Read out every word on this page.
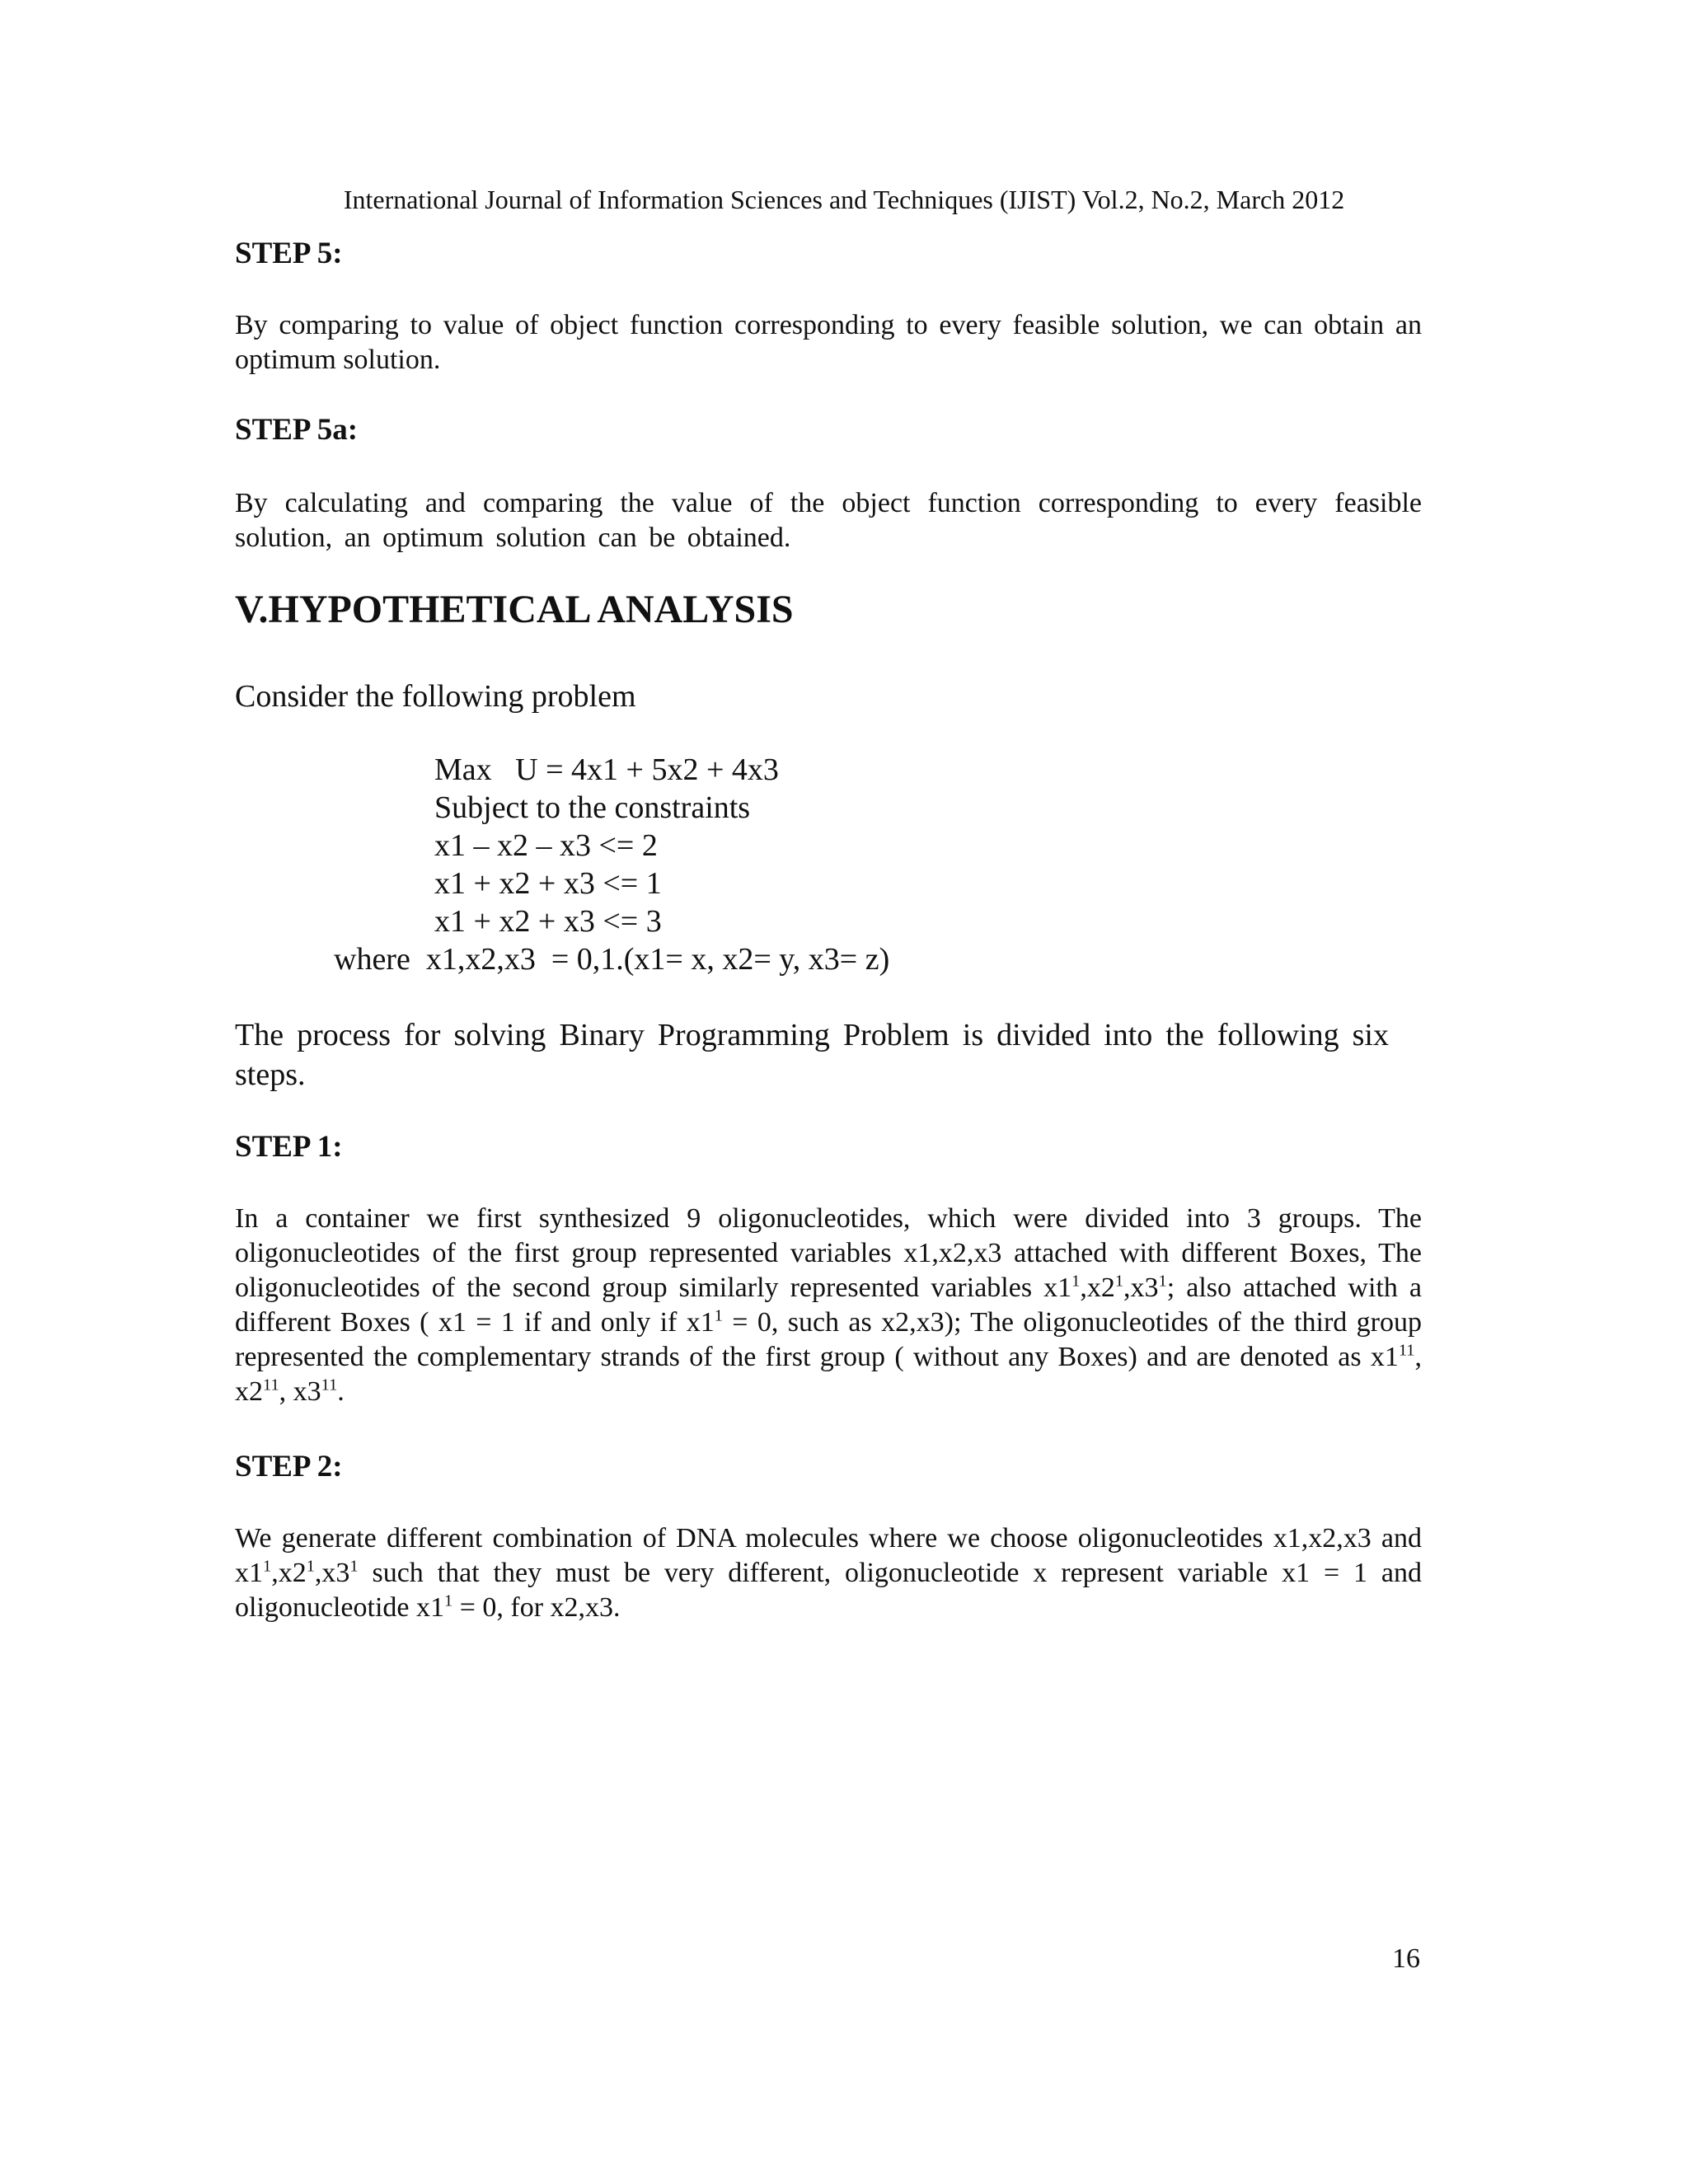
International Journal of Information Sciences and Techniques (IJIST) Vol.2, No.2, March 2012
STEP 5:

By comparing to value of object function corresponding to every feasible solution, we can obtain an optimum solution.

STEP 5a:

By calculating and comparing the value of the object function corresponding to every feasible solution, an optimum solution can be obtained.

V.HYPOTHETICAL ANALYSIS

Consider the following problem

Max   U = 4x1 + 5x2 + 4x3
Subject to the constraints
x1 – x2 – x3 <= 2
x1 + x2 + x3 <= 1
x1 + x2 + x3 <= 3
where  x1,x2,x3  = 0,1.(x1= x, x2= y, x3= z)

The process for solving Binary Programming Problem is divided into the following six steps.

STEP 1:

In a container we first synthesized 9 oligonucleotides, which were divided into 3 groups. The oligonucleotides of the first group represented variables x1,x2,x3 attached with different Boxes, The oligonucleotides of the second group similarly represented variables $x1^1,x2^1,x3^1$; also attached with a different Boxes ( x1 = 1 if and only if $x1^1 = 0$, such as x2,x3); The oligonucleotides of the third group represented the complementary strands of the first group ( without any Boxes) and are denoted as $x1^{11}$, $x2^{11}$, $x3^{11}$.

STEP 2:

We generate different combination of DNA molecules where we choose oligonucleotides x1,x2,x3 and $x1^1,x2^1,x3^1$ such that they must be very different, oligonucleotide x represent variable x1 = 1 and oligonucleotide $x1^1 = 0$, for x2,x3.

16
